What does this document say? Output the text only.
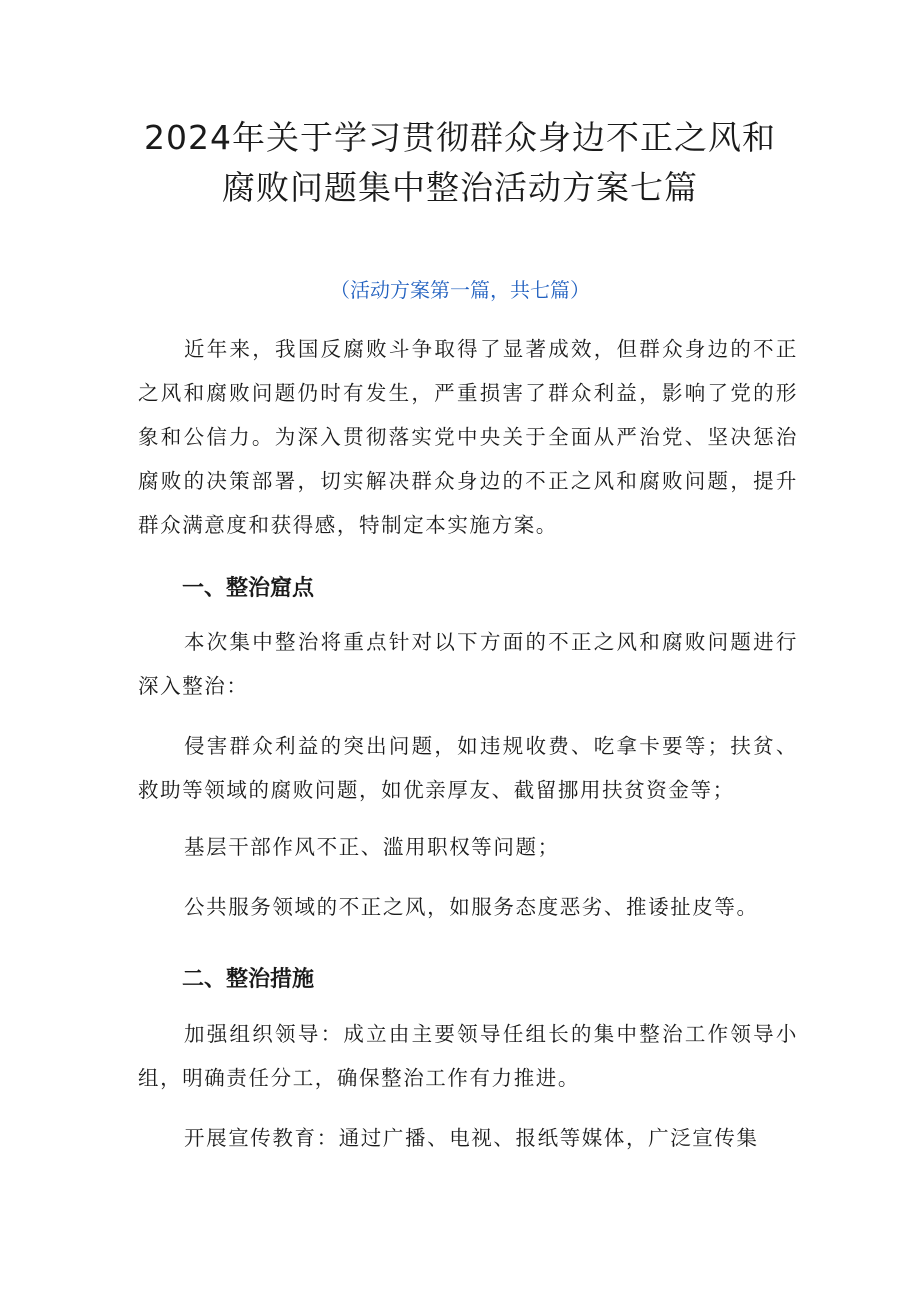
2024年关于学习贯彻群众身边不正之风和
腐败问题集中整治活动方案七篇
（活动方案第一篇，共七篇）

近年来，我国反腐败斗争取得了显著成效，但群众身边的不正之风和腐败问题仍时有发生，严重损害了群众利益，影响了党的形象和公信力。为深入贯彻落实党中央关于全面从严治党、坚决惩治腐败的决策部署，切实解决群众身边的不正之风和腐败问题，提升群众满意度和获得感，特制定本实施方案。

一、整治窟点

本次集中整治将重点针对以下方面的不正之风和腐败问题进行深入整治：

侵害群众利益的突出问题，如违规收费、吃拿卡要等；扶贫、救助等领域的腐败问题，如优亲厚友、截留挪用扶贫资金等；

基层干部作风不正、滥用职权等问题；

公共服务领域的不正之风，如服务态度恶劣、推诿扯皮等。

二、整治措施

加强组织领导：成立由主要领导任组长的集中整治工作领导小组，明确责任分工，确保整治工作有力推进。

开展宣传教育：通过广播、电视、报纸等媒体，广泛宣传集
